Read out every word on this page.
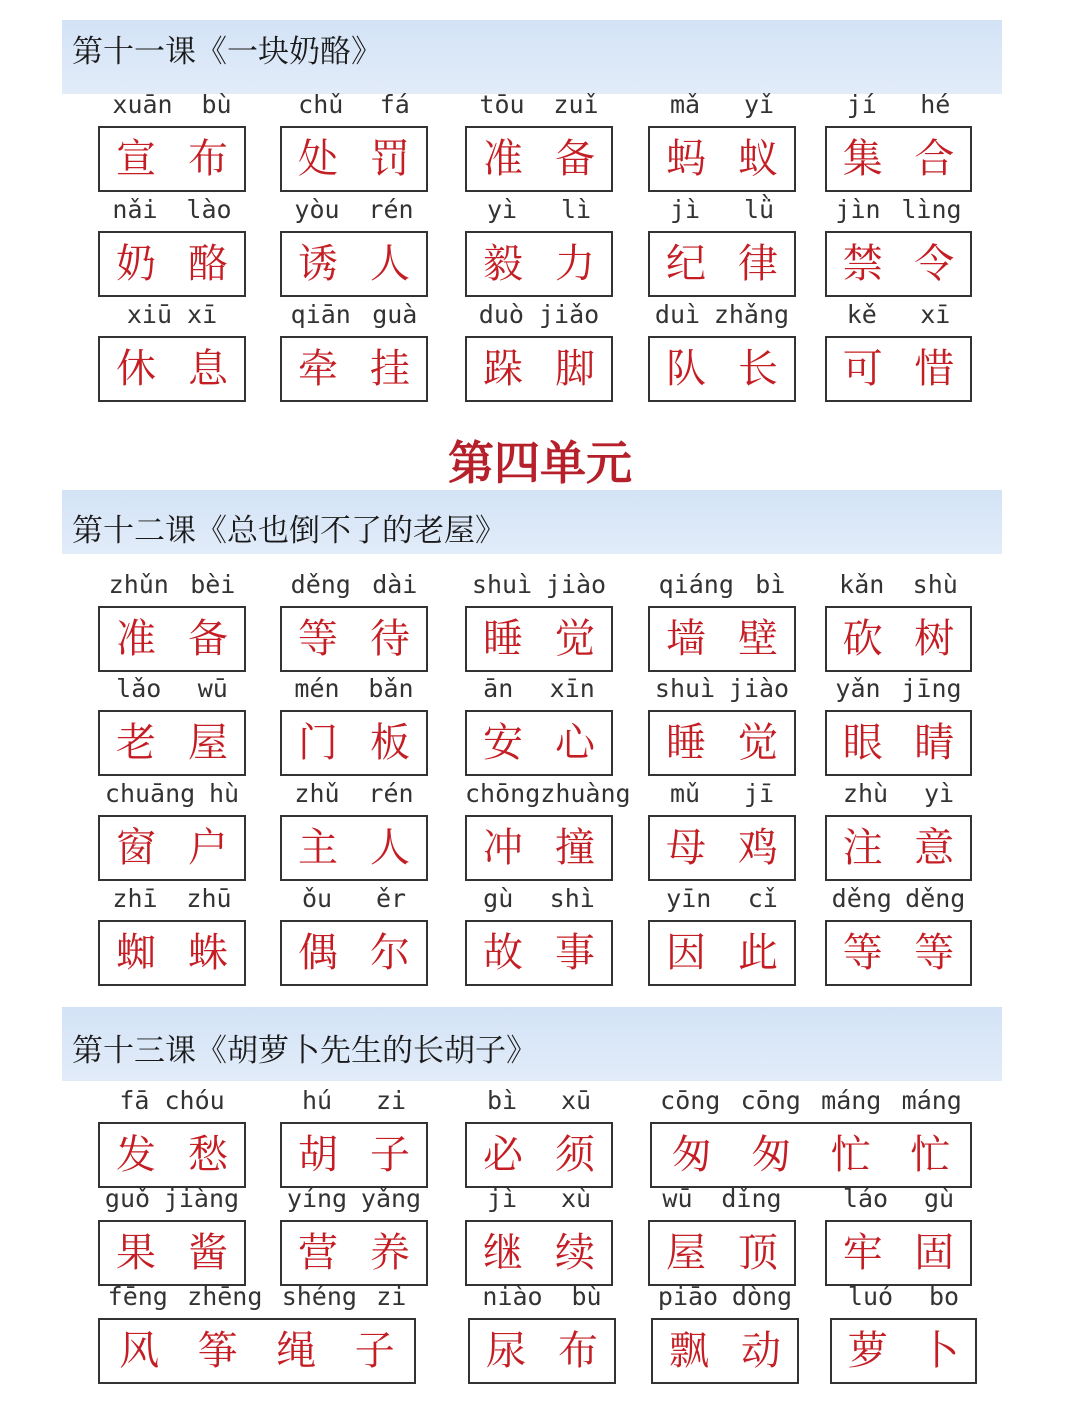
第十一课《一块奶酪》
xuān bù
宣 布
chǔ fá
处 罚
tōu zuǐ
准 备
mǎ yǐ
蚂 蚁
jí hé
集 合
nǎi lào
奶 酪
yòu rén
诱 人
yì lì
毅 力
jì lǜ
纪 律
jìn lìng
禁 令
xiū xī
休 息
qiān guà
牵 挂
duò jiǎo
跺 脚
duì zhǎng
队 长
kě xī
可 惜
第四单元
第十二课《总也倒不了的老屋》
zhǔn bèi
准 备
děng dài
等 待
shuì jiào
睡 觉
qiáng bì
墙 壁
kǎn shù
砍 树
lǎo wū
老 屋
mén bǎn
门 板
ān xīn
安 心
shuì jiào
睡 觉
yǎn jīng
眼 睛
chuāng hù
窗 户
zhǔ rén
主 人
chōng zhuàng
冲 撞
mǔ jī
母 鸡
zhù yì
注 意
zhī zhū
蜘 蛛
ǒu ěr
偶 尔
gù shì
故 事
yīn cǐ
因 此
děng děng
等 等
第十三课《胡萝卜先生的长胡子》
fā chóu
发 愁
hú zi
胡 子
bì xū
必 须
cōng cōng máng máng
匆 匆 忙 忙
guǒ jiàng
果 酱
yíng yǎng
营 养
jì xù
继 续
wū dǐng
屋 顶
láo gù
牢 固
fēng zhēng shéng zi
风 筝 绳 子
niào bù
尿 布
piāo dòng
飘 动
luó bo
萝 卜
